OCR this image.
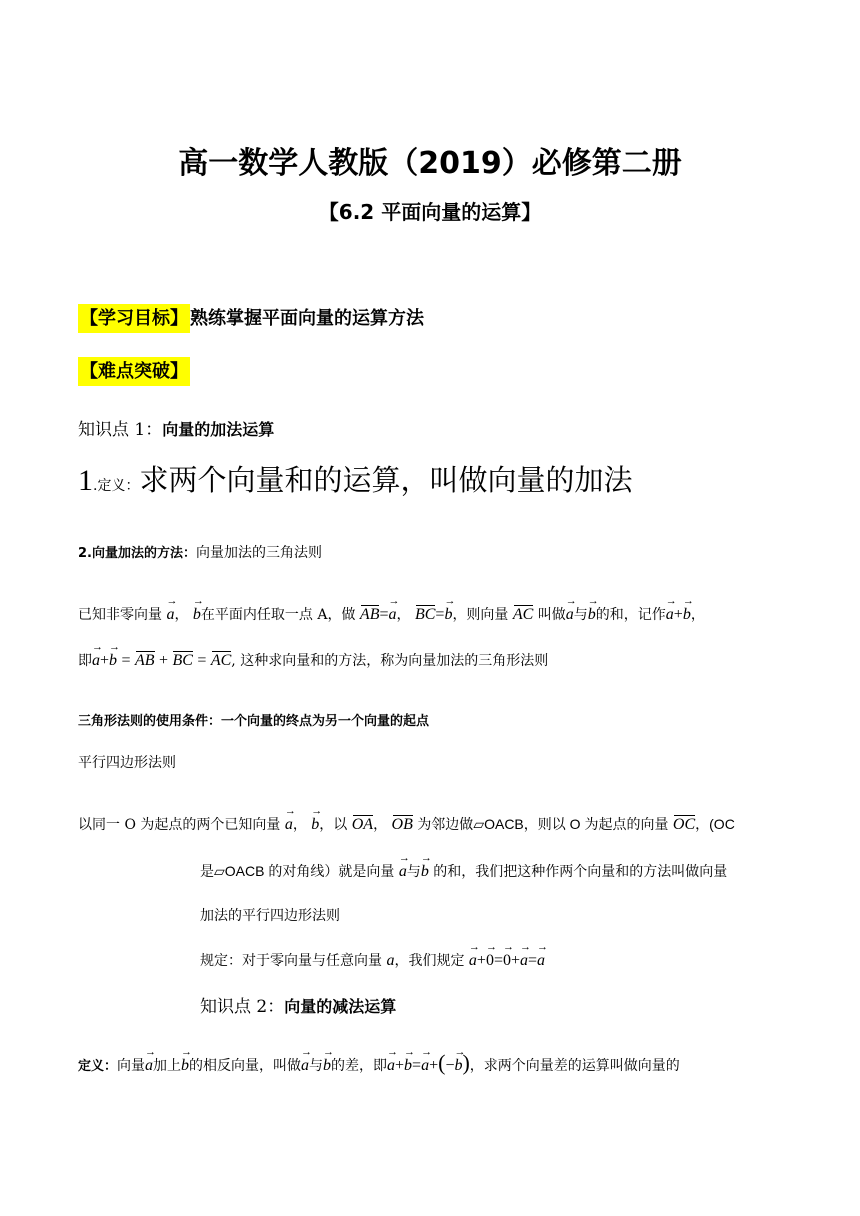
高一数学人教版（2019）必修第二册
【6.2 平面向量的运算】
【学习目标】 熟练掌握平面向量的运算方法
【难点突破】
知识点 1：向量的加法运算
1.定义：求两个向量和的运算，叫做向量的加法
2.向量加法的方法：向量加法的三角法则
已知非零向量 a →， b →在平面内任取一点 A，做 AB=a →， BC=b →，则向量 AC 叫做a →与b →的和，记作a →+b →，
即a →+b → = AB + BC = AC, 这种求向量和的方法，称为向量加法的三角形法则
三角形法则的使用条件：一个向量的终点为另一个向量的起点
平行四边形法则
以同一 O 为起点的两个已知向量 a →， b →，以 OA， OB 为邻边做▱OACB，则以 O 为起点的向量 OC，(OC
是▱OACB 的对角线）就是向量 a →与b → 的和，我们把这种作两个向量和的方法叫做向量
加法的平行四边形法则
规定：对于零向量与任意向量 a，我们规定 a →+0 →=0 →+a →=a →
知识点 2：向量的减法运算
定义：向量a →加上b →的相反向量，叫做a →与b →的差，即a →+b →=a →+(−b →)，求两个向量差的运算叫做向量的
